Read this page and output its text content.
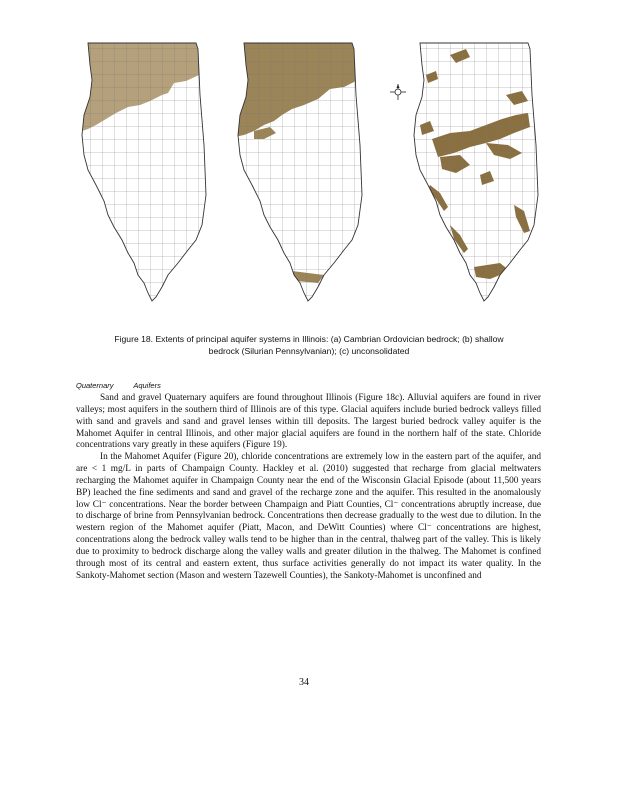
Figure 18. Extents of principal aquifer systems in Illinois: (a) Cambrian Ordovician bedrock; (b) shallow
bedrock (Silurian Pennsylvanian); (c) unconsolidated
Quaternary Aquifers

Sand and gravel Quaternary aquifers are found throughout Illinois (Figure 18c). Alluvial aquifers are found in river valleys; most aquifers in the southern third of Illinois are of this type. Glacial aquifers include buried bedrock valleys filled with sand and gravels and sand and gravel lenses within till deposits. The largest buried bedrock valley aquifer is the Mahomet Aquifer in central Illinois, and other major glacial aquifers are found in the northern half of the state. Chloride concentrations vary greatly in these aquifers (Figure 19).

In the Mahomet Aquifer (Figure 20), chloride concentrations are extremely low in the eastern part of the aquifer, and are < 1 mg/L in parts of Champaign County. Hackley et al. (2010) suggested that recharge from glacial meltwaters recharging the Mahomet aquifer in Champaign County near the end of the Wisconsin Glacial Episode (about 11,500 years BP) leached the fine sediments and sand and gravel of the recharge zone and the aquifer. This resulted in the anomalously low Cl⁻ concentrations. Near the border between Champaign and Piatt Counties, Cl⁻ concentrations abruptly increase, due to discharge of brine from Pennsylvanian bedrock. Concentrations then decrease gradually to the west due to dilution. In the western region of the Mahomet aquifer (Piatt, Macon, and DeWitt Counties) where Cl⁻ concentrations are highest, concentrations along the bedrock valley walls tend to be higher than in the central, thalweg part of the valley. This is likely due to proximity to bedrock discharge along the valley walls and greater dilution in the thalweg. The Mahomet is confined through most of its central and eastern extent, thus surface activities generally do not impact its water quality. In the Sankoty-Mahomet section (Mason and western Tazewell Counties), the Sankoty-Mahomet is unconfined and

34
